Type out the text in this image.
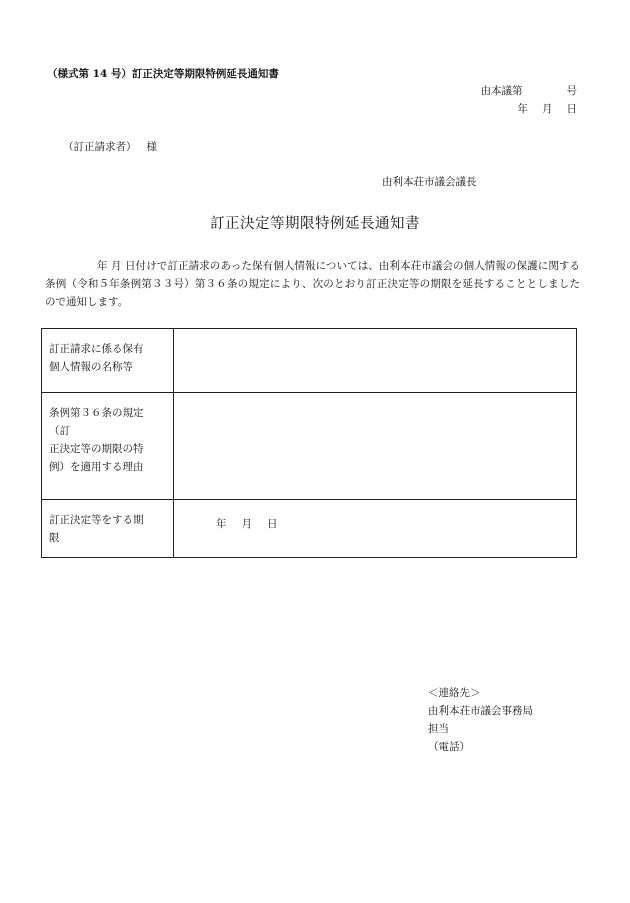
（様式第 14 号）訂正決定等期限特例延長通知書
由本議第	号
年 月 日
（訂正請求者） 様
由利本荘市議会議長
訂正決定等期限特例延長通知書
年 月 日付けで訂正請求のあった保有個人情報については、由利本荘市議会の個人情報の保護に関する条例（令和５年条例第３３号）第３６条の規定により、次のとおり訂正決定等の期限を延長することとしましたので通知します。
訂正請求に係る保有
個人情報の名称等	

条例第３６条の規定
（訂
正決定等の期限の特
例）を適用する理由	

訂正決定等をする期
限	年 月 日
＜連絡先＞
由利本荘市議会事務局
担当
（電話）
